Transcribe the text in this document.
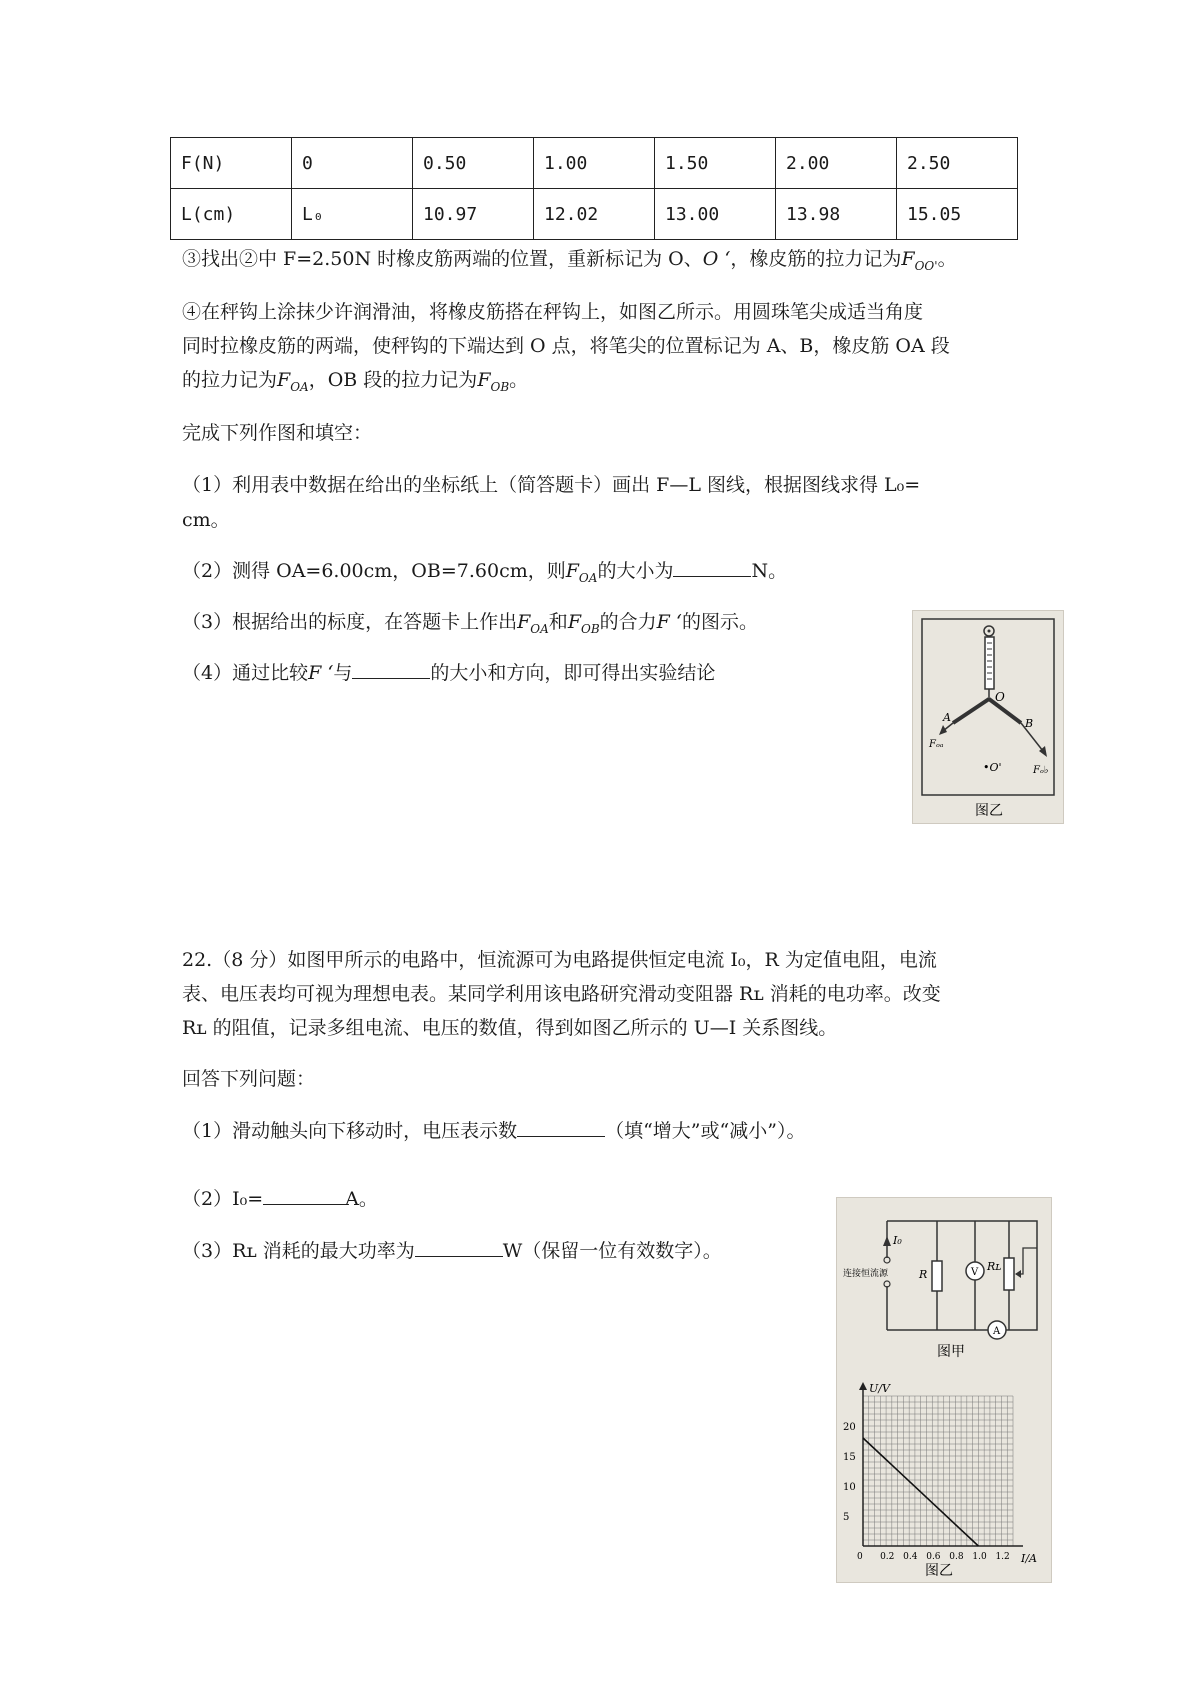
F(N)	0	0.50	1.00	1.50	2.00	2.50
L(cm)	L₀	10.97	12.02	13.00	13.98	15.05
③找出②中 F=2.50N 时橡皮筋两端的位置，重新标记为 O、O ‘，橡皮筋的拉力记为$F_{OO'}$。
④在秤钩上涂抹少许润滑油，将橡皮筋搭在秤钩上，如图乙所示。用圆珠笔尖成适当角度
同时拉橡皮筋的两端，使秤钩的下端达到 O 点，将笔尖的位置标记为 A、B，橡皮筋 OA 段
的拉力记为$F_{OA}$，OB 段的拉力记为$F_{OB}$。
完成下列作图和填空：
（1）利用表中数据在给出的坐标纸上（简答题卡）画出 F—L 图线，根据图线求得 L₀=
cm。
（2）测得 OA=6.00cm，OB=7.60cm，则$F_{OA}$的大小为	N。
（3）根据给出的标度，在答题卡上作出$F_{OA}$和$F_{OB}$的合力F ‘的图示。
（4）通过比较F ‘与	的大小和方向，即可得出实验结论
O
A	B
Fₒₐ
Fₒ♭
•O'
图乙
22.（8 分）如图甲所示的电路中，恒流源可为电路提供恒定电流 I₀，R 为定值电阻，电流
表、电压表均可视为理想电表。某同学利用该电路研究滑动变阻器 Rʟ 消耗的电功率。改变
Rʟ 的阻值，记录多组电流、电压的数值，得到如图乙所示的 U—I 关系图线。
回答下列问题：
（1）滑动触头向下移动时，电压表示数	（填“增大”或“减小”）。
（2）I₀=	A。
（3）Rʟ 消耗的最大功率为	W（保留一位有效数字）。	I₀
连接恒流源	R	V Rʟ
A
图甲
U/V
I/A
20
15
10
5
0 0.2 0.4 0.6 0.8 1.0 1.2
图乙
